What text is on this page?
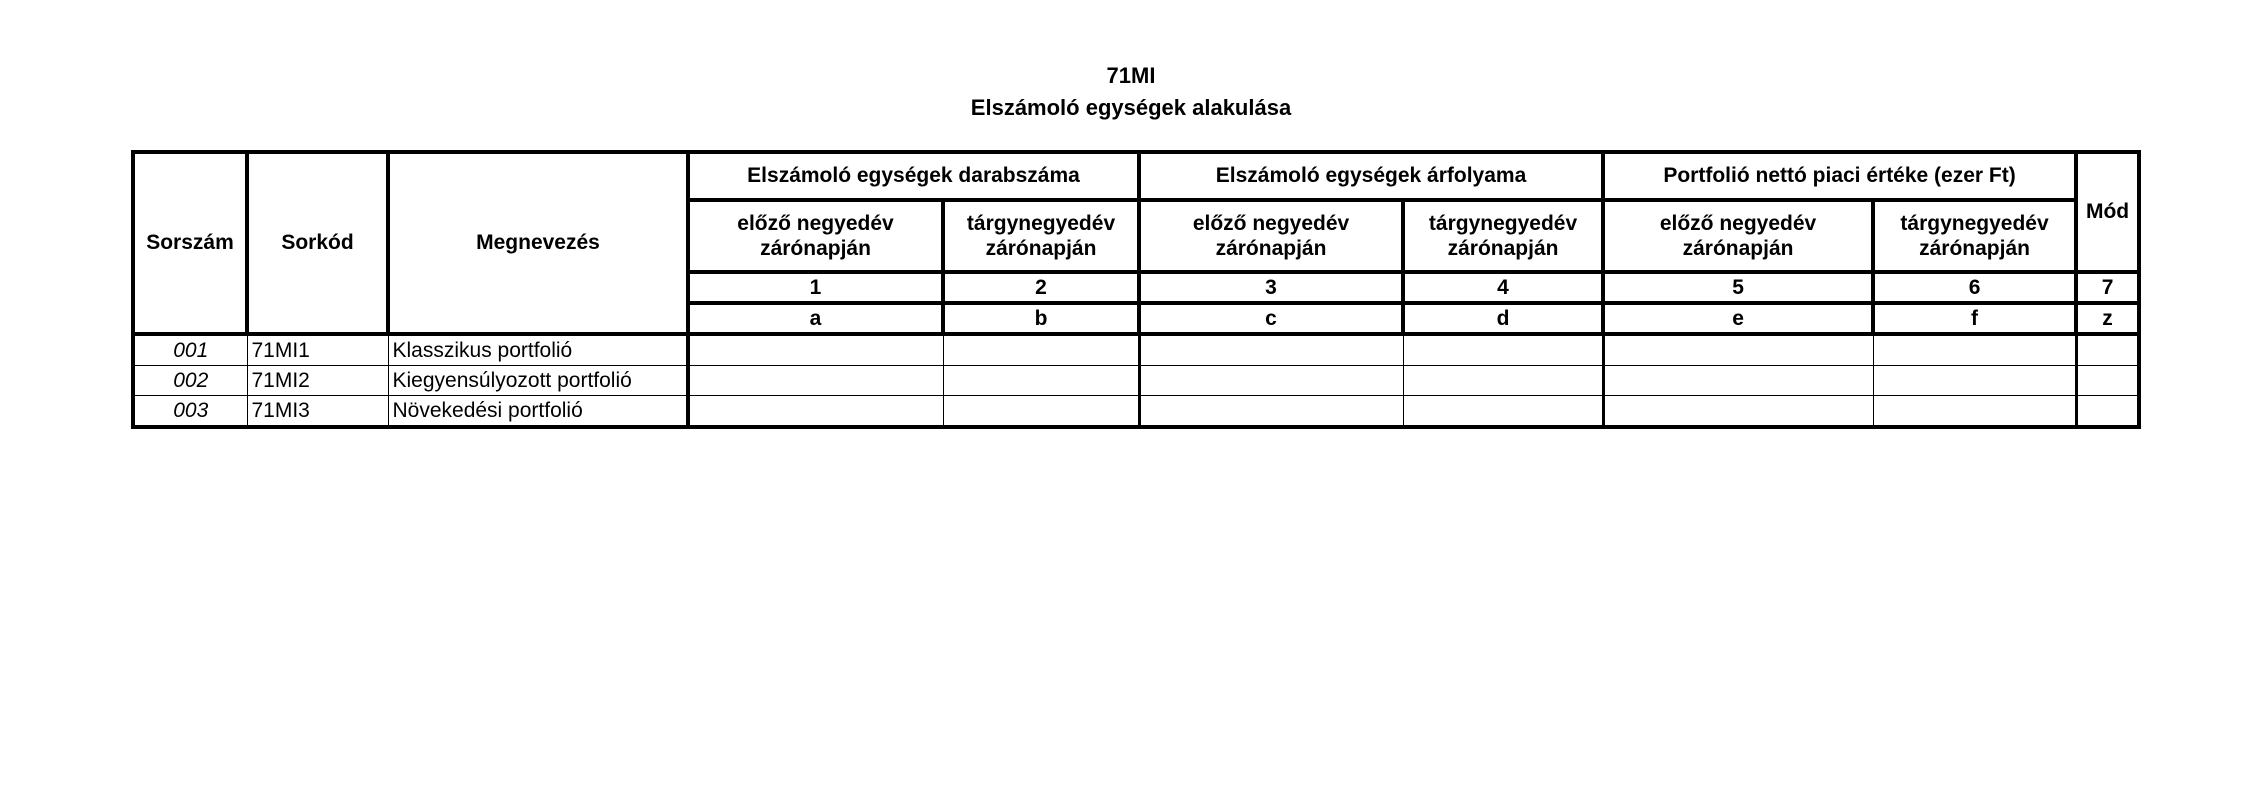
71MI
Elszámoló egységek alakulása
Sorszám	Sorkód	Megnevezés	Elszámoló egységek darabszáma		Elszámoló egységek árfolyama		Portfolió nettó piaci értéke (ezer Ft)		Mód
			előző negyedév zárónapján	tárgynegyedév zárónapján	előző negyedév zárónapján	tárgynegyedév zárónapján	előző negyedév zárónapján	tárgynegyedév zárónapján	
			1	2	3	4	5	6	7
			a	b	c	d	e	f	z
001	71MI1	Klasszikus portfolió							
002	71MI2	Kiegyensúlyozott portfolió							
003	71MI3	Növekedési portfolió							
